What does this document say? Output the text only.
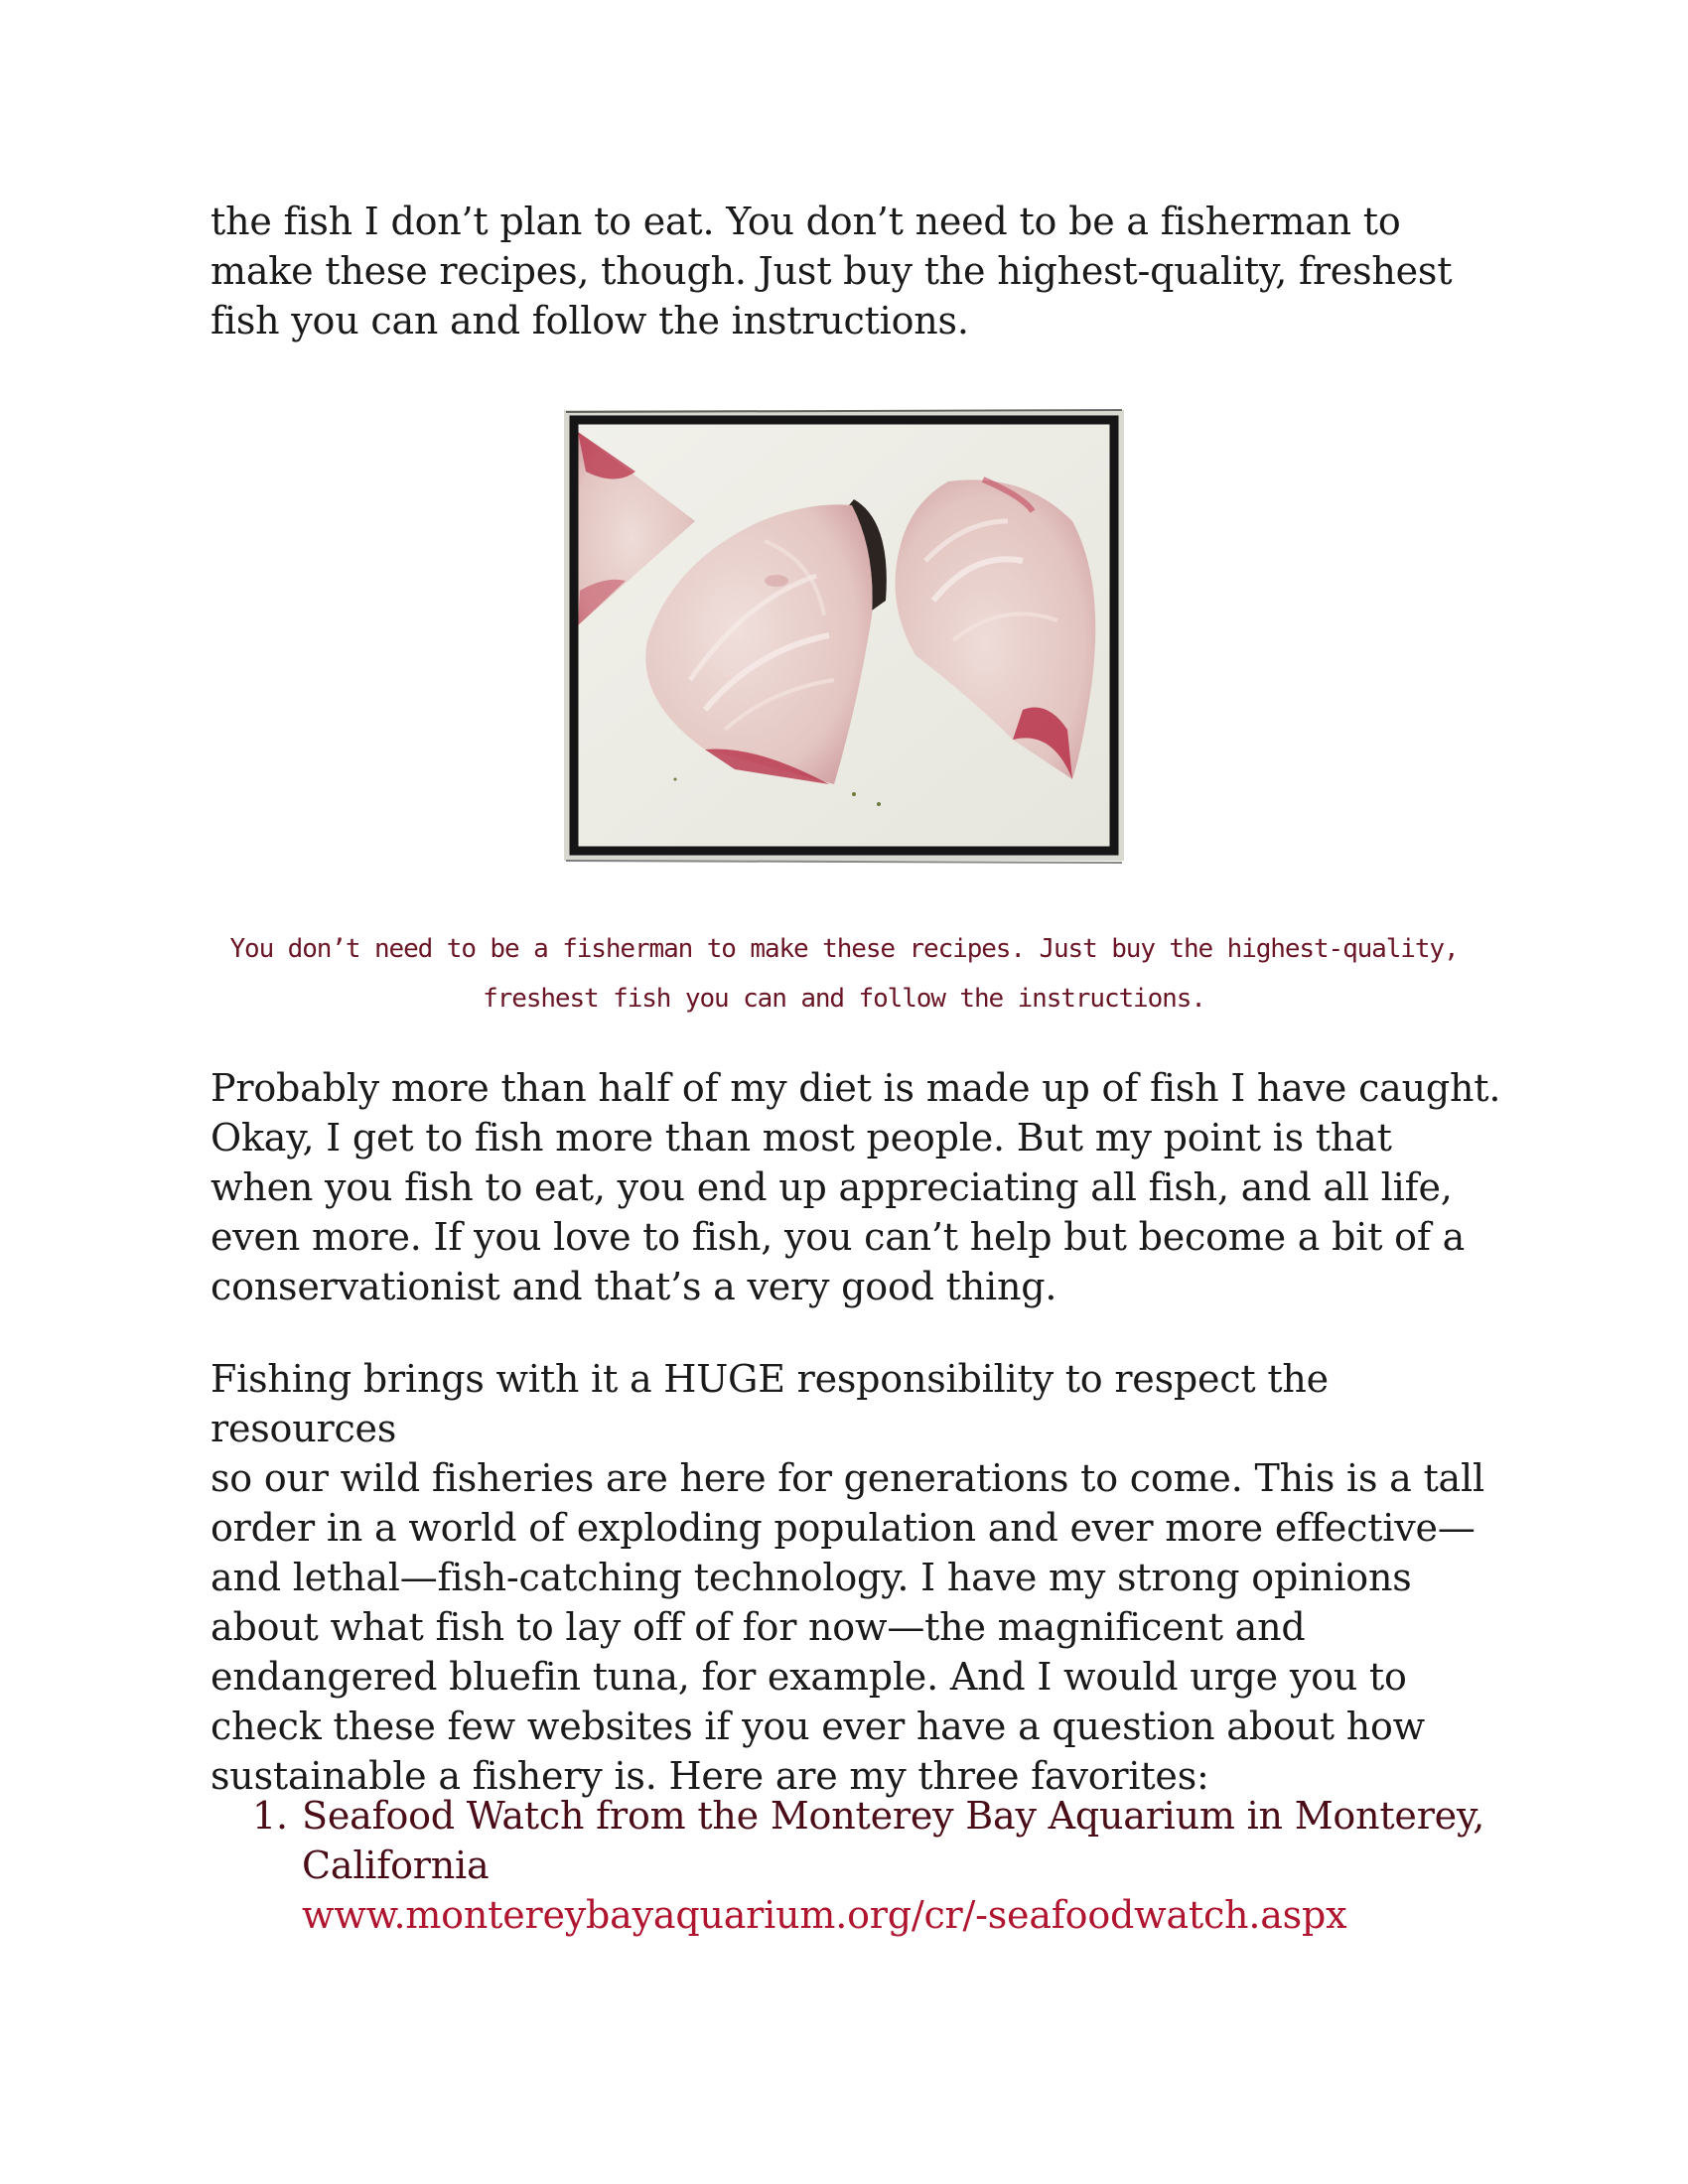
the fish I don’t plan to eat. You don’t need to be a fisherman to
make these recipes, though. Just buy the highest-quality, freshest
fish you can and follow the instructions.

You don’t need to be a fisherman to make these recipes. Just buy the highest-quality,
freshest fish you can and follow the instructions.

Probably more than half of my diet is made up of fish I have caught.
Okay, I get to fish more than most people. But my point is that
when you fish to eat, you end up appreciating all fish, and all life,
even more. If you love to fish, you can’t help but become a bit of a
conservationist and that’s a very good thing.

Fishing brings with it a HUGE responsibility to respect the resources
so our wild fisheries are here for generations to come. This is a tall
order in a world of exploding population and ever more effective—
and lethal—fish-catching technology. I have my strong opinions
about what fish to lay off of for now—the magnificent and
endangered bluefin tuna, for example. And I would urge you to
check these few websites if you ever have a question about how
sustainable a fishery is. Here are my three favorites:

1. Seafood Watch from the Monterey Bay Aquarium in Monterey,
California
www.montereybayaquarium.org/cr/-seafoodwatch.aspx
